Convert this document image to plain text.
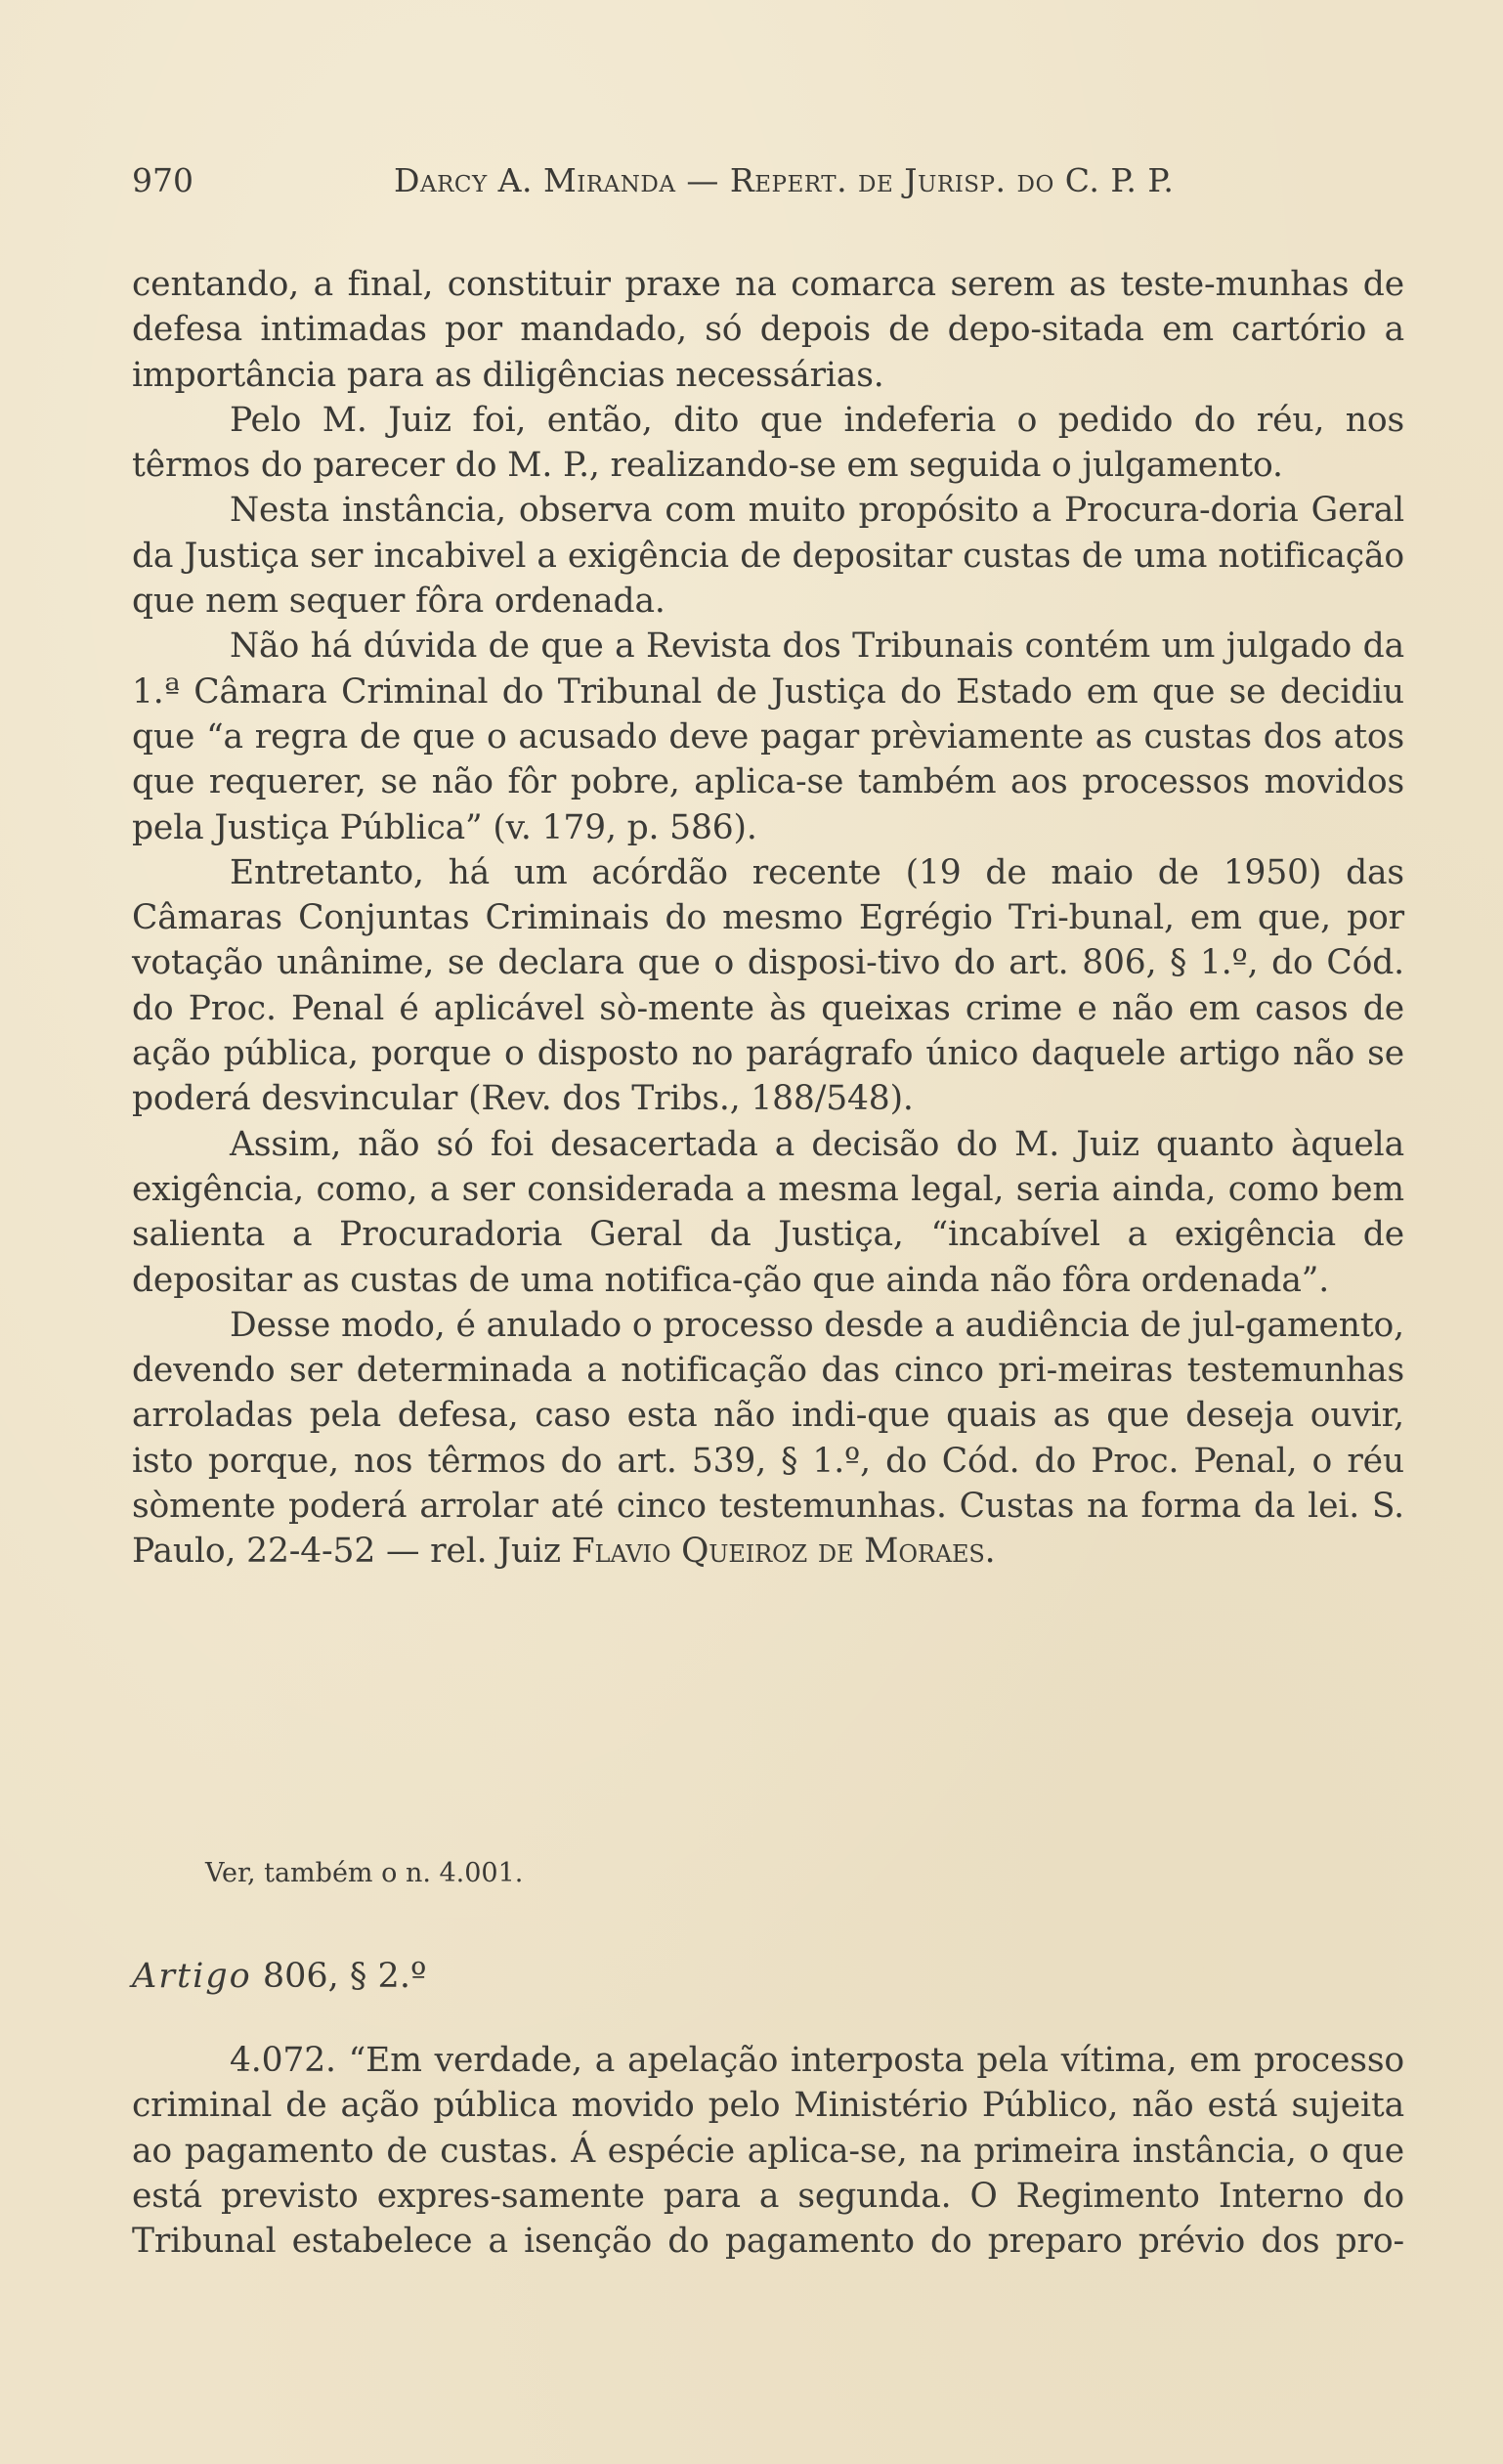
970	Darcy A. Miranda — Repert. de Jurisp. do C. P. P.

centando, a final, constituir praxe na comarca serem as teste-munhas de defesa intimadas por mandado, só depois de depo-sitada em cartório a importância para as diligências necessárias.

Pelo M. Juiz foi, então, dito que indeferia o pedido do réu, nos têrmos do parecer do M. P., realizando-se em seguida o julgamento.

Nesta instância, observa com muito propósito a Procura-doria Geral da Justiça ser incabivel a exigência de depositar custas de uma notificação que nem sequer fôra ordenada.

Não há dúvida de que a Revista dos Tribunais contém um julgado da 1.ª Câmara Criminal do Tribunal de Justiça do Estado em que se decidiu que “a regra de que o acusado deve pagar prèviamente as custas dos atos que requerer, se não fôr pobre, aplica-se também aos processos movidos pela Justiça Pública” (v. 179, p. 586).

Entretanto, há um acórdão recente (19 de maio de 1950) das Câmaras Conjuntas Criminais do mesmo Egrégio Tri-bunal, em que, por votação unânime, se declara que o disposi-tivo do art. 806, § 1.º, do Cód. do Proc. Penal é aplicável sò-mente às queixas crime e não em casos de ação pública, porque o disposto no parágrafo único daquele artigo não se poderá desvincular (Rev. dos Tribs., 188/548).

Assim, não só foi desacertada a decisão do M. Juiz quanto àquela exigência, como, a ser considerada a mesma legal, seria ainda, como bem salienta a Procuradoria Geral da Justiça, “incabível a exigência de depositar as custas de uma notifica-ção que ainda não fôra ordenada”.

Desse modo, é anulado o processo desde a audiência de jul-gamento, devendo ser determinada a notificação das cinco pri-meiras testemunhas arroladas pela defesa, caso esta não indi-que quais as que deseja ouvir, isto porque, nos têrmos do art. 539, § 1.º, do Cód. do Proc. Penal, o réu sòmente poderá arrolar até cinco testemunhas. Custas na forma da lei. S. Paulo, 22-4-52 — rel. Juiz Flavio Queiroz de Moraes.

Ver, também o n. 4.001.
Artigo 806, § 2.º

4.072. “Em verdade, a apelação interposta pela vítima, em processo criminal de ação pública movido pelo Ministério Público, não está sujeita ao pagamento de custas. Á espécie aplica-se, na primeira instância, o que está previsto expres-samente para a segunda. O Regimento Interno do Tribunal estabelece a isenção do pagamento do preparo prévio dos pro-
